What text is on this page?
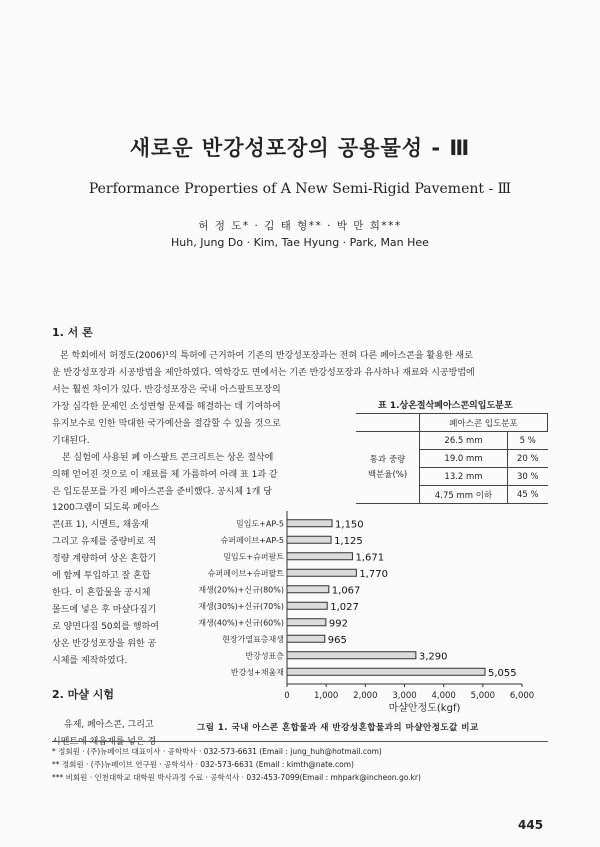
새로운 반강성포장의 공용물성 - Ⅲ
Performance Properties of A New Semi-Rigid Pavement - Ⅲ
허 정 도* · 김 태 형** · 박 만 희***
Huh, Jung Do · Kim, Tae Hyung · Park, Man Hee
1. 서 론
본 학회에서 허정도(2006)¹의 특허에 근거하여 기존의 반강성포장과는 전혀 다른 폐아스콘을 활용한 새로
운 반강성포장과 시공방법을 제안하였다. 역학강도 면에서는 기존 반강성포장과 유사하나 재료와 시공방법에
서는 훨씬 차이가 있다. 반강성포장은 국내 아스팔트포장의
가장 심각한 문제인 소성변형 문제를 해결하는 데 기여하여
유지보수로 인한 막대한 국가예산을 절감할 수 있을 것으로
기대된다.
본 실험에 사용된 폐 아스팔트 콘크리트는 상온 절삭에
의해 얻어진 것으로 이 재료를 체 가름하여 아래 표 1과 같
은 입도분포를 가진 폐아스콘을 준비했다. 공시체 1개 당
1200그램이 되도록 폐아스
콘(표 1), 시멘트, 채움재
그리고 유제를 중량비로 적
정량 계량하여 상온 혼합기
에 함께 투입하고 잘 혼합
한다. 이 혼합물을 공시체
몰드에 넣은 후 마샬다짐기
로 양면다짐 50회를 행하여
상온 반강성포장을 위한 공
시체를 제작하였다.
2. 마샬 시험
유제, 폐아스콘, 그리고
시멘트에 채움재를 넣은 경
표 1.상온절삭폐아스콘의입도분포
	폐아스콘 입도분포	
통과 중량
백분율(%)	26.5 mm	5 %
	19.0 mm	20 %
	13.2 mm	30 %
	4.75 mm 이하	45 %
밀입도+AP-5	1,150
슈퍼페이브+AP-5	1,125
밀입도+슈퍼팔트	1,671
슈퍼페이브+슈퍼팔트	1,770
재생(20%)+신규(80%)	1,067
재생(30%)+신규(70%)	1,027
재생(40%)+신규(60%)	992
현장가열표층재생	965
반강성표층	3,290
반강성+채움재	5,055
0	1,000 2,000 3,000 4,000 5,000 6,000
마샬안정도(kgf)
그림 1. 국내 아스콘 혼합물과 새 반강성혼합물과의 마샬안정도값 비교
* 정회원 · (주)뉴페이브 대표이사 · 공학박사 · 032-573-6631 (Email : jung_huh@hotmail.com)
** 정회원 · (주)뉴페이브 연구원 · 공학석사 · 032-573-6631 (Email : kimth@nate.com)
*** 비회원 · 인천대학교 대학원 박사과정 수료 · 공학석사 · 032-453-7099(Email : mhpark@incheon.go.kr)
445
